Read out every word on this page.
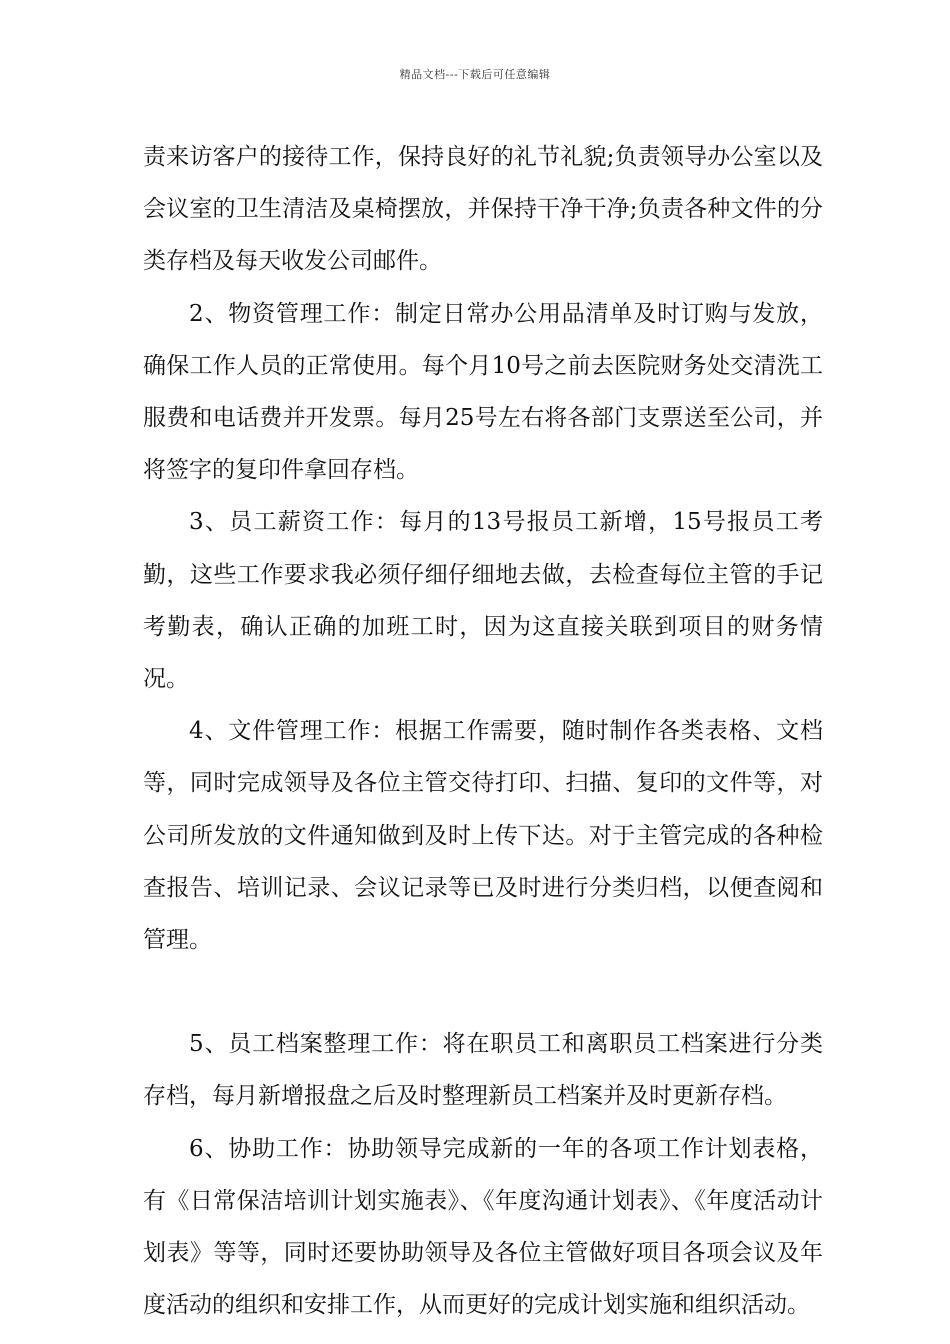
精品文档---下载后可任意编辑

责来访客户的接待工作，保持良好的礼节礼貌;负责领导办公室以及会议室的卫生清洁及桌椅摆放，并保持干净干净;负责各种文件的分类存档及每天收发公司邮件。

2、物资管理工作：制定日常办公用品清单及时订购与发放，确保工作人员的正常使用。每个月10号之前去医院财务处交清洗工服费和电话费并开发票。每月25号左右将各部门支票送至公司，并将签字的复印件拿回存档。

3、员工薪资工作：每月的13号报员工新增，15号报员工考勤，这些工作要求我必须仔细仔细地去做，去检查每位主管的手记考勤表，确认正确的加班工时，因为这直接关联到项目的财务情况。

4、文件管理工作：根据工作需要，随时制作各类表格、文档等，同时完成领导及各位主管交待打印、扫描、复印的文件等，对公司所发放的文件通知做到及时上传下达。对于主管完成的各种检查报告、培训记录、会议记录等已及时进行分类归档，以便查阅和管理。

5、员工档案整理工作：将在职员工和离职员工档案进行分类存档，每月新增报盘之后及时整理新员工档案并及时更新存档。

6、协助工作：协助领导完成新的一年的各项工作计划表格，有《日常保洁培训计划实施表》、《年度沟通计划表》、《年度活动计划表》等等，同时还要协助领导及各位主管做好项目各项会议及年度活动的组织和安排工作，从而更好的完成计划实施和组织活动。
